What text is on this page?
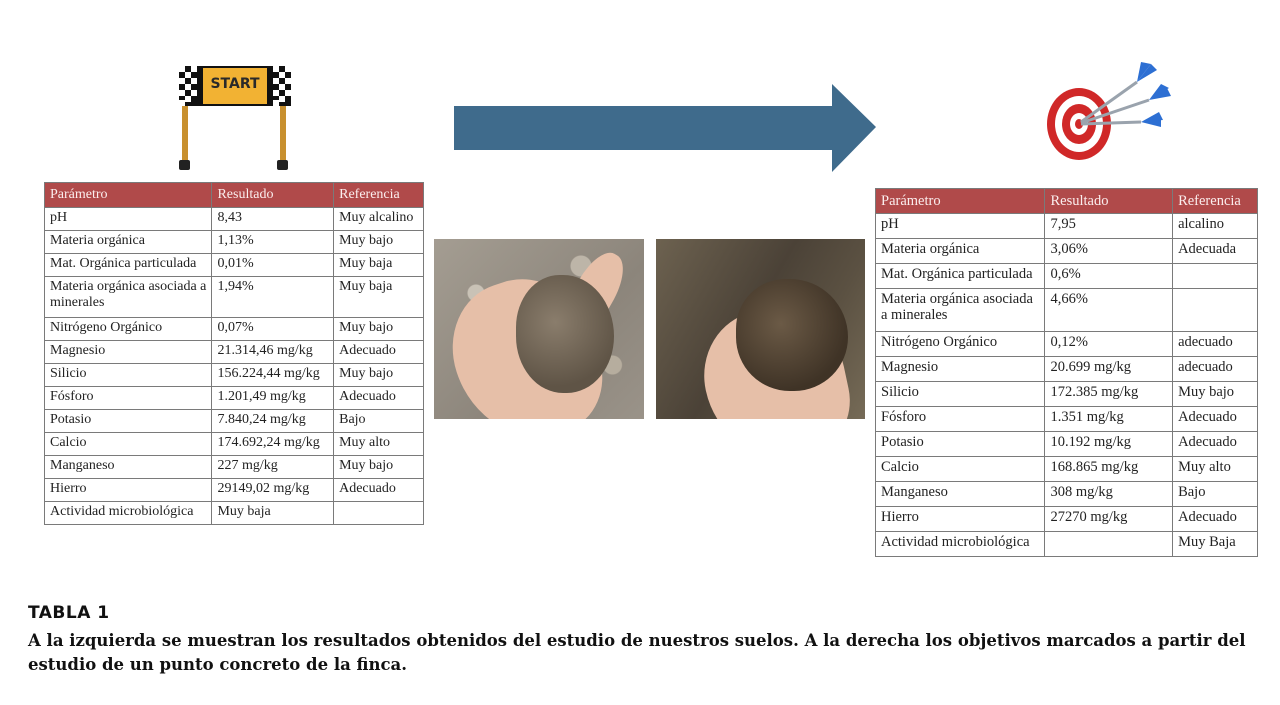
START
Parámetro	Resultado	Referencia
pH	8,43	Muy alcalino
Materia orgánica	1,13%	Muy bajo
Mat. Orgánica particulada	0,01%	Muy baja
Materia orgánica asociada a minerales	1,94%	Muy baja
Nitrógeno Orgánico	0,07%	Muy bajo
Magnesio	21.314,46 mg/kg	Adecuado
Silicio	156.224,44 mg/kg	Muy bajo
Fósforo	1.201,49 mg/kg	Adecuado
Potasio	7.840,24 mg/kg	Bajo
Calcio	174.692,24 mg/kg	Muy alto
Manganeso	227 mg/kg	Muy bajo
Hierro	29149,02 mg/kg	Adecuado
Actividad microbiológica	Muy baja	
Parámetro	Resultado	Referencia
pH	7,95	alcalino
Materia orgánica	3,06%	Adecuada
Mat. Orgánica particulada	0,6%	
Materia orgánica asociada a minerales	4,66%	
Nitrógeno Orgánico	0,12%	adecuado
Magnesio	20.699 mg/kg	adecuado
Silicio	172.385 mg/kg	Muy bajo
Fósforo	1.351 mg/kg	Adecuado
Potasio	10.192 mg/kg	Adecuado
Calcio	168.865 mg/kg	Muy alto
Manganeso	308 mg/kg	Bajo
Hierro	27270 mg/kg	Adecuado
Actividad microbiológica		Muy Baja
TABLA 1
A la izquierda se muestran los resultados obtenidos del estudio de nuestros suelos. A la derecha los objetivos marcados a partir del estudio de un punto concreto de la finca.
